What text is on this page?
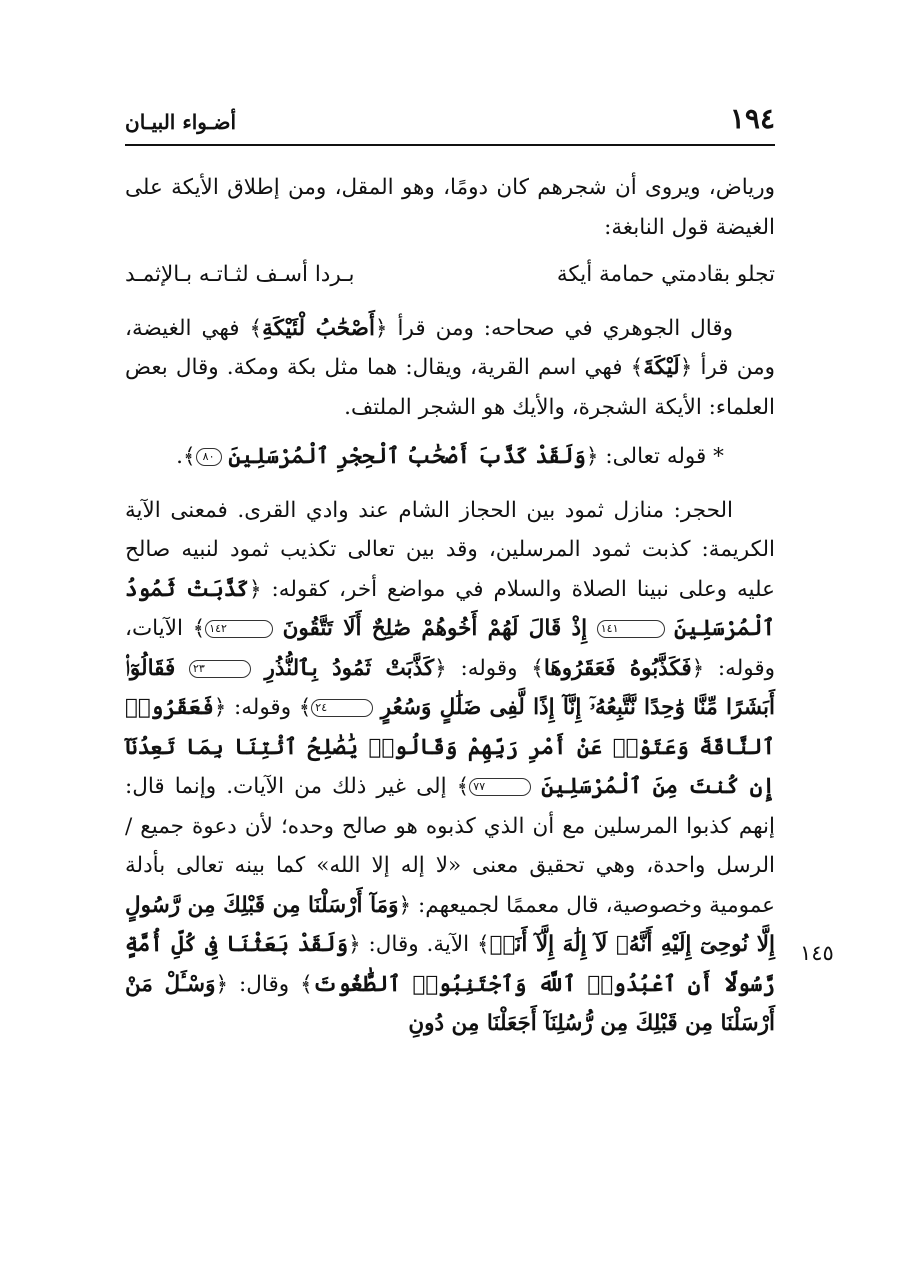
١٩٤
أضـواء البيـان
١٤٥

ورياض، ويروى أن شجرهم كان دومًا، وهو المقل، ومن إطلاق الأيكة على الغيضة قول النابغة:

تجلو بقادمتي حمامة أيكة
بـردا أسـف لثـاتـه بـالإثمـد

وقال الجوهري في صحاحه: ومن قرأ ﴿أَصْحَٰبُ لْئَيْكَةِ﴾ فهي الغيضة، ومن قرأ ﴿لَيْكَةَ﴾ فهي اسم القرية، ويقال: هما مثل بكة ومكة. وقال بعض العلماء: الأيكة الشجرة، والأيك هو الشجر الملتف.

* قوله تعالى: ﴿وَلَقَدْ كَذَّبَ أَصْحَٰبُ ٱلْحِجْرِ ٱلْمُرْسَلِينَ ٨٠﴾.

الحجر: منازل ثمود بين الحجاز الشام عند وادي القرى. فمعنى الآية الكريمة: كذبت ثمود المرسلين، وقد بين تعالى تكذيب ثمود لنبيه صالح عليه وعلى نبينا الصلاة والسلام في مواضع أخر، كقوله: ﴿كَذَّبَتْ ثَمُودُ ٱلْمُرْسَلِينَ ١٤١ إِذْ قَالَ لَهُمْ أَخُوهُمْ صَٰلِحٌ أَلَا تَتَّقُونَ ١٤٢﴾ الآيات، وقوله: ﴿فَكَذَّبُوهُ فَعَقَرُوهَا﴾ وقوله: ﴿كَذَّبَتْ ثَمُودُ بِٱلنُّذُرِ ٢٣ فَقَالُوٓا۟ أَبَشَرًا مِّنَّا وَٰحِدًا نَّتَّبِعُهُۥٓ إِنَّآ إِذًا لَّفِى ضَلَٰلٍ وَسُعُرٍ ٢٤﴾ وقوله: ﴿فَعَقَرُوا۟ ٱلنَّاقَةَ وَعَتَوْا۟ عَنْ أَمْرِ رَبِّهِمْ وَقَالُوا۟ يَٰصَٰلِحُ ٱئْتِنَا بِمَا تَعِدُنَآ إِن كُنتَ مِنَ ٱلْمُرْسَلِينَ ٧٧﴾ إلى غير ذلك من الآيات. وإنما قال: إنهم كذبوا المرسلين مع أن الذي كذبوه هو صالح وحده؛ لأن دعوة جميع / الرسل واحدة، وهي تحقيق معنى «لا إله إلا الله» كما بينه تعالى بأدلة عمومية وخصوصية، قال معممًا لجميعهم: ﴿وَمَآ أَرْسَلْنَا مِن قَبْلِكَ مِن رَّسُولٍ إِلَّا نُوحِىٓ إِلَيْهِ أَنَّهُۥ لَآ إِلَٰهَ إِلَّآ أَنَا۠﴾ الآية. وقال: ﴿وَلَقَدْ بَعَثْنَا فِى كُلِّ أُمَّةٍ رَّسُولًا أَنِ ٱعْبُدُوا۟ ٱللَّهَ وَٱجْتَنِبُوا۟ ٱلطَّٰغُوتَ﴾ وقال: ﴿وَسْـَٔلْ مَنْ أَرْسَلْنَا مِن قَبْلِكَ مِن رُّسُلِنَآ أَجَعَلْنَا مِن دُونِ
